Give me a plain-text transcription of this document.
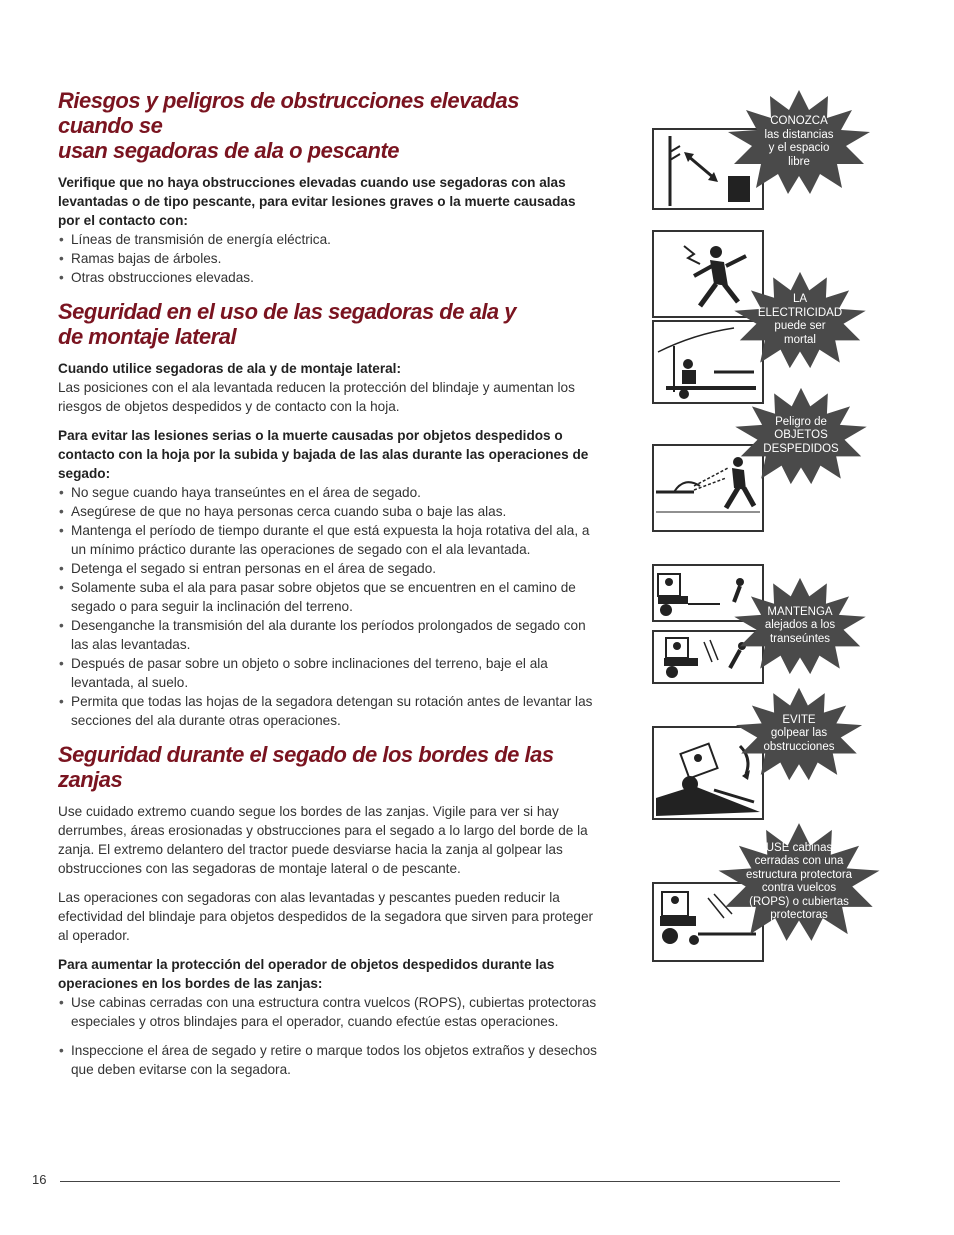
Riesgos y peligros de obstrucciones elevadas cuando se
usan segadoras de ala o pescante

Verifique que no haya obstrucciones elevadas cuando use segadoras con alas levantadas o de tipo pescante, para evitar lesiones graves o la muerte causadas por el contacto con:

• Líneas de transmisión de energía eléctrica.
• Ramas bajas de árboles.
• Otras obstrucciones elevadas.
Seguridad en el uso de las segadoras de ala y
de montaje lateral

Cuando utilice segadoras de ala y de montaje lateral:

Las posiciones con el ala levantada reducen la protección del blindaje y aumentan los riesgos de objetos despedidos y de contacto con la hoja.

Para evitar las lesiones serias o la muerte causadas por objetos despedidos o contacto con la hoja por la subida y bajada de las alas durante las operaciones de segado:

• No segue cuando haya transeúntes en el área de segado.
• Asegúrese de que no haya personas cerca cuando suba o baje las alas.
• Mantenga el período de tiempo durante el que está expuesta la hoja rotativa del ala, a un mínimo práctico durante las operaciones de segado con el ala levantada.
• Detenga el segado si entran personas en el área de segado.
• Solamente suba el ala para pasar sobre objetos que se encuentren en el camino de segado o para seguir la inclinación del terreno.
• Desenganche la transmisión del ala durante los períodos prolongados de segado con las alas levantadas.
• Después de pasar sobre un objeto o sobre inclinaciones del terreno, baje el ala levantada, al suelo.
• Permita que todas las hojas de la segadora detengan su rotación antes de levantar las secciones del ala durante otras operaciones.
Seguridad durante el segado de los bordes de las zanjas

Use cuidado extremo cuando segue los bordes de las zanjas. Vigile para ver si hay derrumbes, áreas erosionadas y obstrucciones para el segado a lo largo del borde de la zanja. El extremo delantero del tractor puede desviarse hacia la zanja al golpear las obstrucciones con las segadoras de montaje lateral o de pescante.

Las operaciones con segadoras con alas levantadas y pescantes pueden reducir la efectividad del blindaje para objetos despedidos de la segadora que sirven para proteger al operador.

Para aumentar la protección del operador de objetos despedidos durante las operaciones en los bordes de las zanjas:

• Use cabinas cerradas con una estructura contra vuelcos (ROPS), cubiertas protectoras especiales y otros blindajes para el operador, cuando efectúe estas operaciones.
• Inspeccione el área de segado y retire o marque todos los objetos extraños y desechos que deben evitarse con la segadora.
CONOZCA
las distancias
y el espacio
libre
LA
ELECTRICIDAD
puede ser
mortal
Peligro de
OBJETOS
DESPEDIDOS
MANTENGA
alejados a los
transeúntes
EVITE
golpear las
obstrucciones
USE cabinas
cerradas con una
estructura protectora
contra vuelcos
(ROPS) o cubiertas
protectoras
16
